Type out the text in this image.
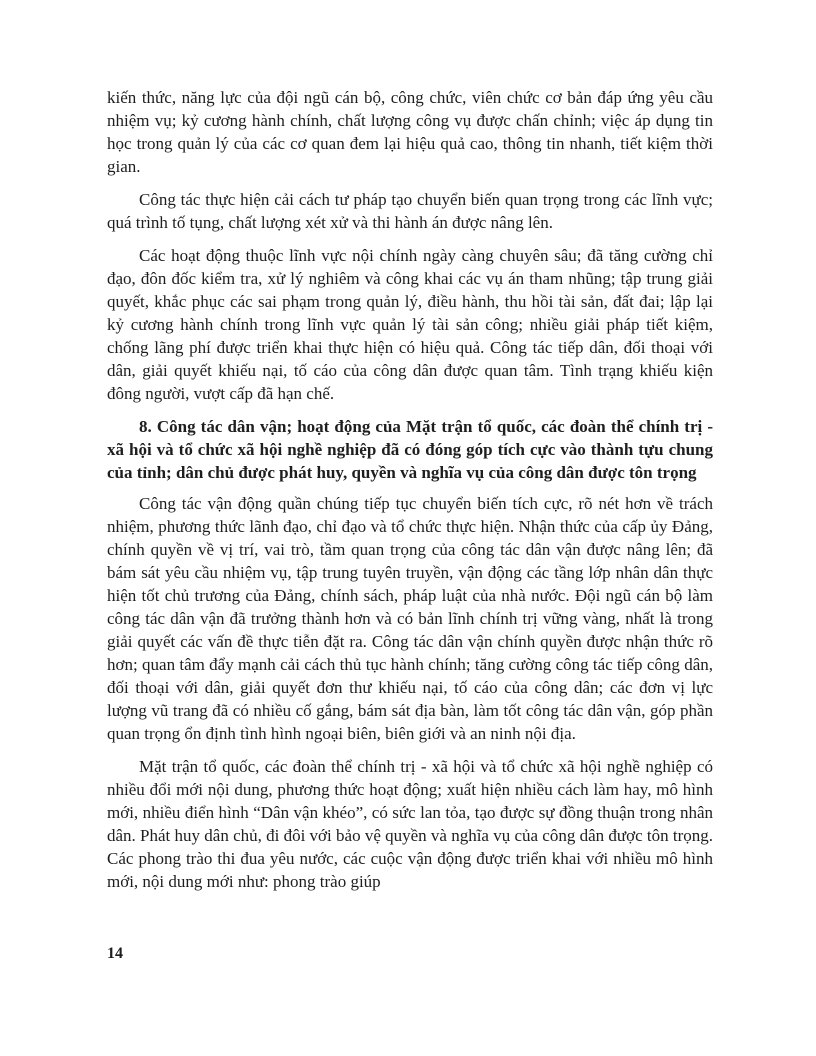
kiến thức, năng lực của đội ngũ cán bộ, công chức, viên chức cơ bản đáp ứng yêu cầu nhiệm vụ; kỷ cương hành chính, chất lượng công vụ được chấn chỉnh; việc áp dụng tin học trong quản lý của các cơ quan đem lại hiệu quả cao, thông tin nhanh, tiết kiệm thời gian.

Công tác thực hiện cải cách tư pháp tạo chuyển biến quan trọng trong các lĩnh vực; quá trình tố tụng, chất lượng xét xử và thi hành án được nâng lên.

Các hoạt động thuộc lĩnh vực nội chính ngày càng chuyên sâu; đã tăng cường chỉ đạo, đôn đốc kiểm tra, xử lý nghiêm và công khai các vụ án tham nhũng; tập trung giải quyết, khắc phục các sai phạm trong quản lý, điều hành, thu hồi tài sản, đất đai; lập lại kỷ cương hành chính trong lĩnh vực quản lý tài sản công; nhiều giải pháp tiết kiệm, chống lãng phí được triển khai thực hiện có hiệu quả. Công tác tiếp dân, đối thoại với dân, giải quyết khiếu nại, tố cáo của công dân được quan tâm. Tình trạng khiếu kiện đông người, vượt cấp đã hạn chế.

8. Công tác dân vận; hoạt động của Mặt trận tổ quốc, các đoàn thể chính trị - xã hội và tổ chức xã hội nghề nghiệp đã có đóng góp tích cực vào thành tựu chung của tỉnh; dân chủ được phát huy, quyền và nghĩa vụ của công dân được tôn trọng

Công tác vận động quần chúng tiếp tục chuyển biến tích cực, rõ nét hơn về trách nhiệm, phương thức lãnh đạo, chỉ đạo và tổ chức thực hiện. Nhận thức của cấp ủy Đảng, chính quyền về vị trí, vai trò, tầm quan trọng của công tác dân vận được nâng lên; đã bám sát yêu cầu nhiệm vụ, tập trung tuyên truyền, vận động các tầng lớp nhân dân thực hiện tốt chủ trương của Đảng, chính sách, pháp luật của nhà nước. Đội ngũ cán bộ làm công tác dân vận đã trưởng thành hơn và có bản lĩnh chính trị vững vàng, nhất là trong giải quyết các vấn đề thực tiễn đặt ra. Công tác dân vận chính quyền được nhận thức rõ hơn; quan tâm đẩy mạnh cải cách thủ tục hành chính; tăng cường công tác tiếp công dân, đối thoại với dân, giải quyết đơn thư khiếu nại, tố cáo của công dân; các đơn vị lực lượng vũ trang đã có nhiều cố gắng, bám sát địa bàn, làm tốt công tác dân vận, góp phần quan trọng ổn định tình hình ngoại biên, biên giới và an ninh nội địa.

Mặt trận tổ quốc, các đoàn thể chính trị - xã hội và tổ chức xã hội nghề nghiệp có nhiều đổi mới nội dung, phương thức hoạt động; xuất hiện nhiều cách làm hay, mô hình mới, nhiều điển hình “Dân vận khéo”, có sức lan tỏa, tạo được sự đồng thuận trong nhân dân. Phát huy dân chủ, đi đôi với bảo vệ quyền và nghĩa vụ của công dân được tôn trọng. Các phong trào thi đua yêu nước, các cuộc vận động được triển khai với nhiều mô hình mới, nội dung mới như: phong trào giúp

14
